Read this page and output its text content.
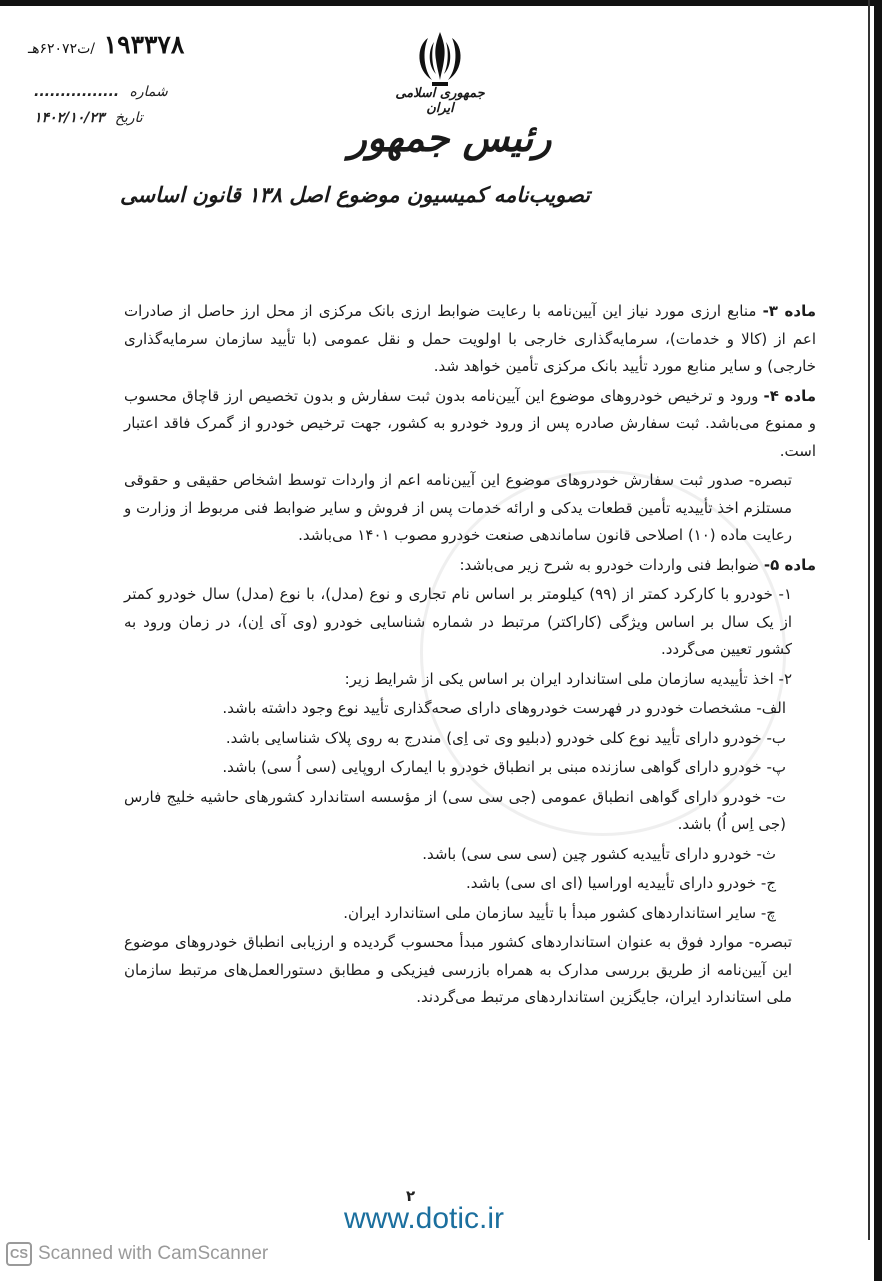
۱۹۳۳۷۸ /ت۶۲۰۷۲هـ
شماره ................
تاریخ ۱۴۰۲/۱۰/۲۳
جمهوری اسلامی ایران
رئیس جمهور
تصویب‌نامه کمیسیون موضوع اصل ۱۳۸ قانون اساسی

ماده ۳- منابع ارزی مورد نیاز این آیین‌نامه با رعایت ضوابط ارزی بانک مرکزی از محل ارز حاصل از صادرات اعم از (کالا و خدمات)، سرمایه‌گذاری خارجی با اولویت حمل و نقل عمومی (با تأیید سازمان سرمایه‌گذاری خارجی) و سایر منابع مورد تأیید بانک مرکزی تأمین خواهد شد.

ماده ۴- ورود و ترخیص خودروهای موضوع این آیین‌نامه بدون ثبت سفارش و بدون تخصیص ارز قاچاق محسوب و ممنوع می‌باشد. ثبت سفارش صادره پس از ورود خودرو به کشور، جهت ترخیص خودرو از گمرک فاقد اعتبار است.

تبصره- صدور ثبت سفارش خودروهای موضوع این آیین‌نامه اعم از واردات توسط اشخاص حقیقی و حقوقی مستلزم اخذ تأییدیه تأمین قطعات یدکی و ارائه خدمات پس از فروش و سایر ضوابط فنی مربوط از وزارت و رعایت ماده (۱۰) اصلاحی قانون ساماندهی صنعت خودرو مصوب ۱۴۰۱ می‌باشد.

ماده ۵- ضوابط فنی واردات خودرو به شرح زیر می‌باشد:

۱- خودرو با کارکرد کمتر از (۹۹) کیلومتر بر اساس نام تجاری و نوع (مدل)، با نوع (مدل) سال خودرو کمتر از یک سال بر اساس ویژگی (کاراکتر) مرتبط در شماره شناسایی خودرو (وی آی اِن)، در زمان ورود به کشور تعیین می‌گردد.

۲- اخذ تأییدیه سازمان ملی استاندارد ایران بر اساس یکی از شرایط زیر:

الف- مشخصات خودرو در فهرست خودروهای دارای صحه‌گذاری تأیید نوع وجود داشته باشد.

ب- خودرو دارای تأیید نوع کلی خودرو (دبلیو وی تی اِی) مندرج به روی پلاک شناسایی باشد.

پ- خودرو دارای گواهی سازنده مبنی بر انطباق خودرو با ایمارک اروپایی (سی اُ سی) باشد.

ت- خودرو دارای گواهی انطباق عمومی (جی سی سی) از مؤسسه استاندارد کشورهای حاشیه خلیج فارس (جی اِس اُ) باشد.

ث- خودرو دارای تأییدیه کشور چین (سی سی سی) باشد.

ج- خودرو دارای تأییدیه اوراسیا (ای ای سی) باشد.

چ- سایر استانداردهای کشور مبدأ با تأیید سازمان ملی استاندارد ایران.

تبصره- موارد فوق به عنوان استانداردهای کشور مبدأ محسوب گردیده و ارزیابی انطباق خودروهای موضوع این آیین‌نامه از طریق بررسی مدارک به همراه بازرسی فیزیکی و مطابق دستورالعمل‌های مرتبط سازمان ملی استاندارد ایران، جایگزین استانداردهای مرتبط می‌گردند.

۲
www.dotic.ir
CS Scanned with CamScanner
